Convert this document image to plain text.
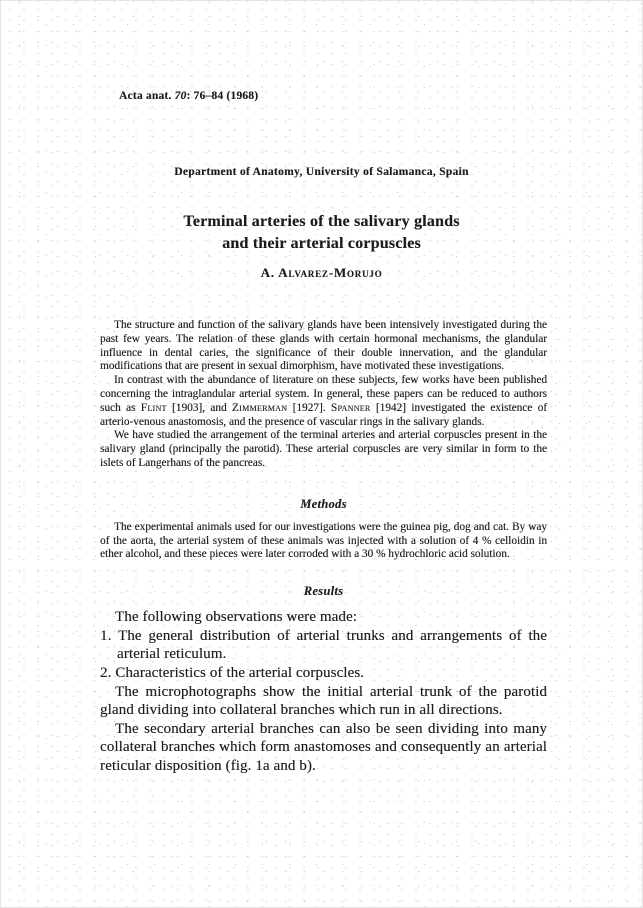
Acta anat. 70: 76–84 (1968)
Department of Anatomy, University of Salamanca, Spain
Terminal arteries of the salivary glands
and their arterial corpuscles
A. Alvarez-Morujo

The structure and function of the salivary glands have been intensively investigated during the past few years. The relation of these glands with certain hormonal mechanisms, the glandular influence in dental caries, the significance of their double innervation, and the glandular modifications that are present in sexual dimorphism, have motivated these investigations.

In contrast with the abundance of literature on these subjects, few works have been published concerning the intraglandular arterial system. In general, these papers can be reduced to authors such as Flint [1903], and Zimmerman [1927]. Spanner [1942] investigated the existence of arterio-venous anastomosis, and the presence of vascular rings in the salivary glands.

We have studied the arrangement of the terminal arteries and arterial corpuscles present in the salivary gland (principally the parotid). These arterial corpuscles are very similar in form to the islets of Langerhans of the pancreas.

Methods

The experimental animals used for our investigations were the guinea pig, dog and cat. By way of the aorta, the arterial system of these animals was injected with a solution of 4 % celloidin in ether alcohol, and these pieces were later corroded with a 30 % hydrochloric acid solution.

Results

The following observations were made:

1. The general distribution of arterial trunks and arrangements of the arterial reticulum.

2. Characteristics of the arterial corpuscles.

The microphotographs show the initial arterial trunk of the parotid gland dividing into collateral branches which run in all directions.

The secondary arterial branches can also be seen dividing into many collateral branches which form anastomoses and consequently an arterial reticular disposition (fig. 1a and b).
